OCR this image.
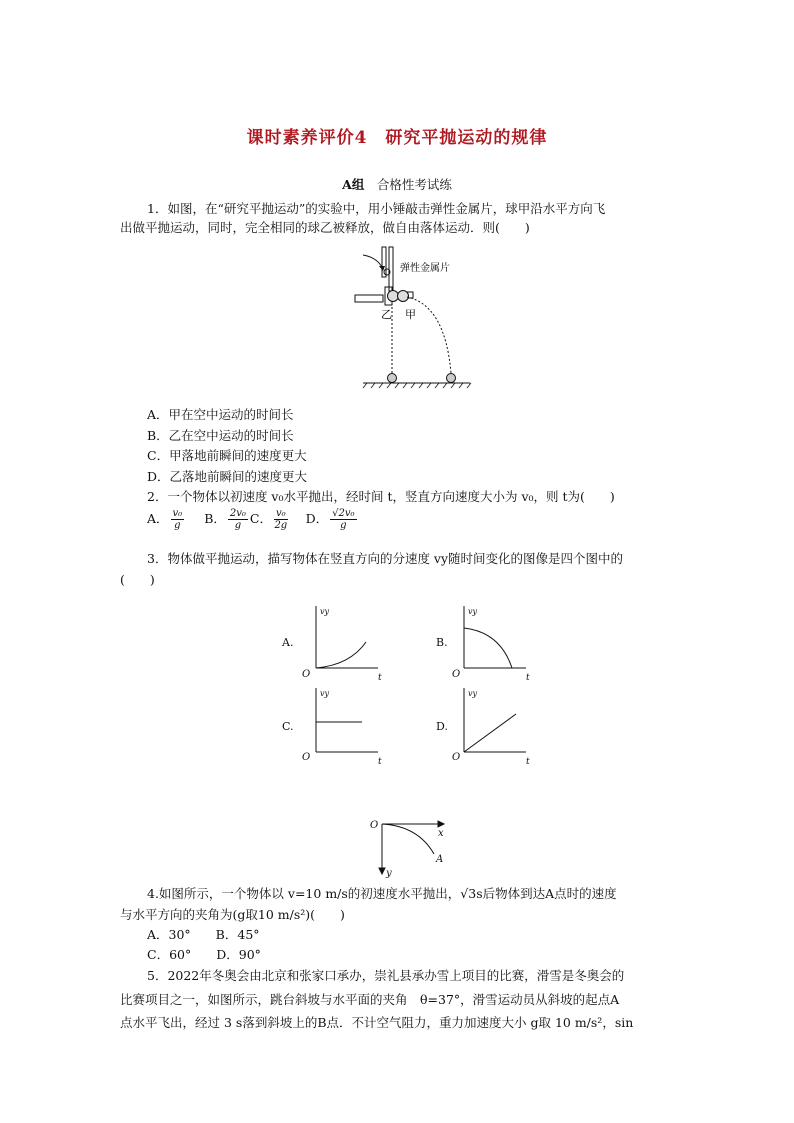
课时素养评价4　研究平抛运动的规律
A组　 合格性考试练
1．如图，在“研究平抛运动”的实验中，用小锤敲击弹性金属片，球甲沿水平方向飞
出做平抛运动，同时，完全相同的球乙被释放，做自由落体运动．则(　　)
弹性金属片
乙 甲
A．甲在空中运动的时间长
B．乙在空中运动的时间长
C．甲落地前瞬间的速度更大
D．乙落地前瞬间的速度更大
2．一个物体以初速度 v₀水平抛出，经时间 t，竖直方向速度大小为 v₀，则 t为(　　)
A． $\frac{\text{v₀}}{g}$ B． $\frac{\text{2v₀}}{g}$ C． $\frac{\text{v₀}}{2g}$ D． $\frac{\text{√2v₀}}{g}$
3．物体做平抛运动，描写物体在竖直方向的分速度 vy随时间变化的图像是四个图中的
(　　)
A.
vy
t
O
B.
vy
t
O
C.
vy
t
O
D.
vy
t
O
O
x
y
A
4.如图所示，一个物体以 v=10 m/s的初速度水平抛出，√3s后物体到达A点时的速度
与水平方向的夹角为(g取10 m/s²)(　　)
A．30°　　B．45°
C．60°　　D．90°
5．2022年冬奥会由北京和张家口承办，崇礼县承办雪上项目的比赛，滑雪是冬奥会的
比赛项目之一，如图所示，跳台斜坡与水平面的夹角　θ=37°，滑雪运动员从斜坡的起点A
点水平飞出，经过 3 s落到斜坡上的B点．不计空气阻力，重力加速度大小 g取 10 m/s²，sin
